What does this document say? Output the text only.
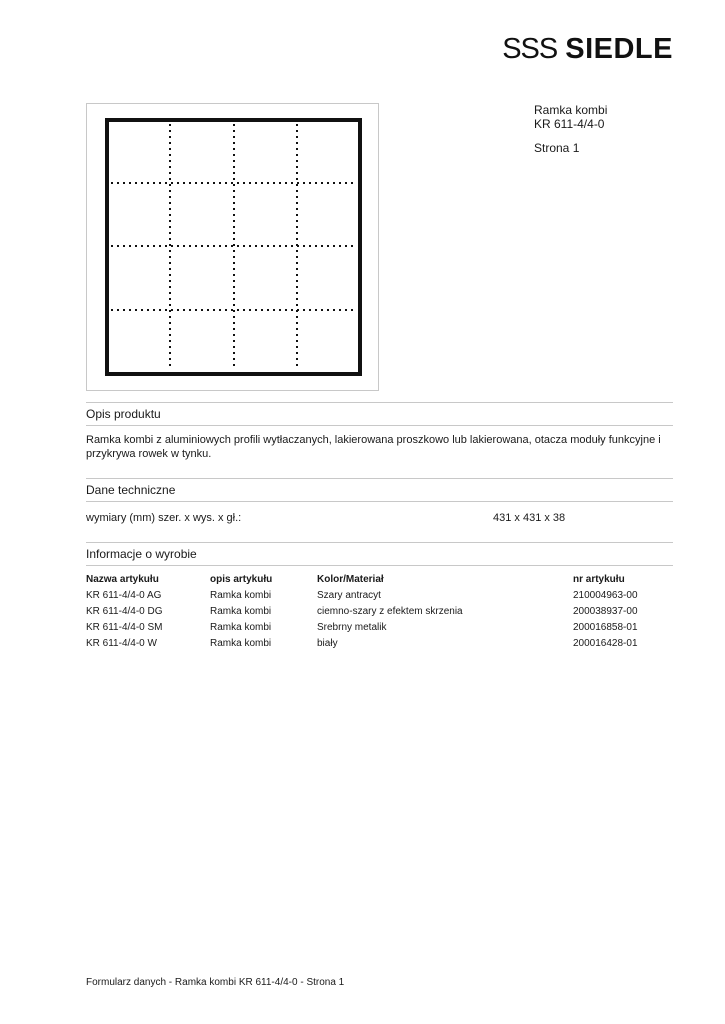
SSS SIEDLE
Ramka kombi
KR 611-4/4-0
Strona 1
Opis produktu
Ramka kombi z aluminiowych profili wytłaczanych, lakierowana proszkowo lub lakierowana, otacza moduły funkcyjne i przykrywa rowek w tynku.
Dane techniczne
wymiary (mm) szer. x wys. x gł.:	431 x 431 x 38
Informacje o wyrobie
Nazwa artykułu	opis artykułu	Kolor/Materiał	nr artykułu
KR 611-4/4-0 AG	Ramka kombi	Szary antracyt	210004963-00
KR 611-4/4-0 DG	Ramka kombi	ciemno-szary z efektem skrzenia	200038937-00
KR 611-4/4-0 SM	Ramka kombi	Srebrny metalik	200016858-01
KR 611-4/4-0 W	Ramka kombi	biały	200016428-01
Formularz danych - Ramka kombi KR 611-4/4-0 - Strona 1
